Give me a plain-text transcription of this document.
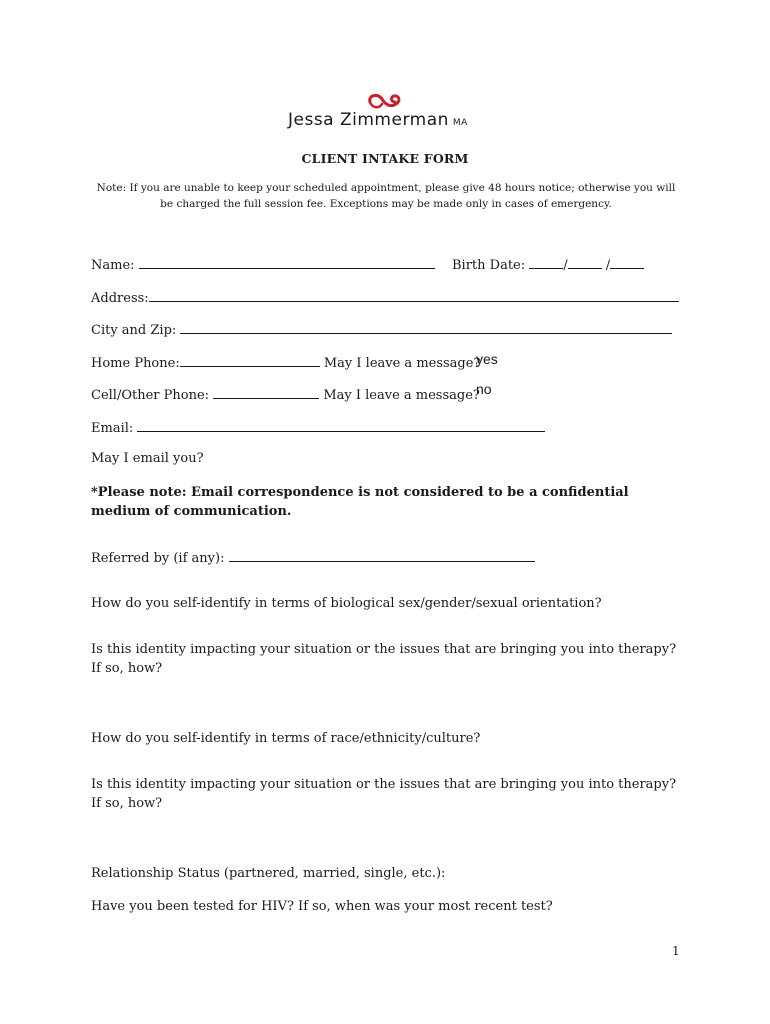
Jessa Zimmerman MA
CLIENT INTAKE FORM
Note: If you are unable to keep your scheduled appointment, please give 48 hours notice; otherwise you will be charged the full session fee. Exceptions may be made only in cases of emergency.
Name:	Birth Date:	/	/
Address:
City and Zip:
Home Phone:	May I leave a message?
yes
Cell/Other Phone:	May I leave a message?
no
Email:
May I email you?
*Please note: Email correspondence is not considered to be a confidential medium of communication.
Referred by (if any):
How do you self-identify in terms of biological sex/gender/sexual orientation?
Is this identity impacting your situation or the issues that are bringing you into therapy? If so, how?
How do you self-identify in terms of race/ethnicity/culture?
Is this identity impacting your situation or the issues that are bringing you into therapy? If so, how?
Relationship Status (partnered, married, single, etc.):
Have you been tested for HIV? If so, when was your most recent test?
1
